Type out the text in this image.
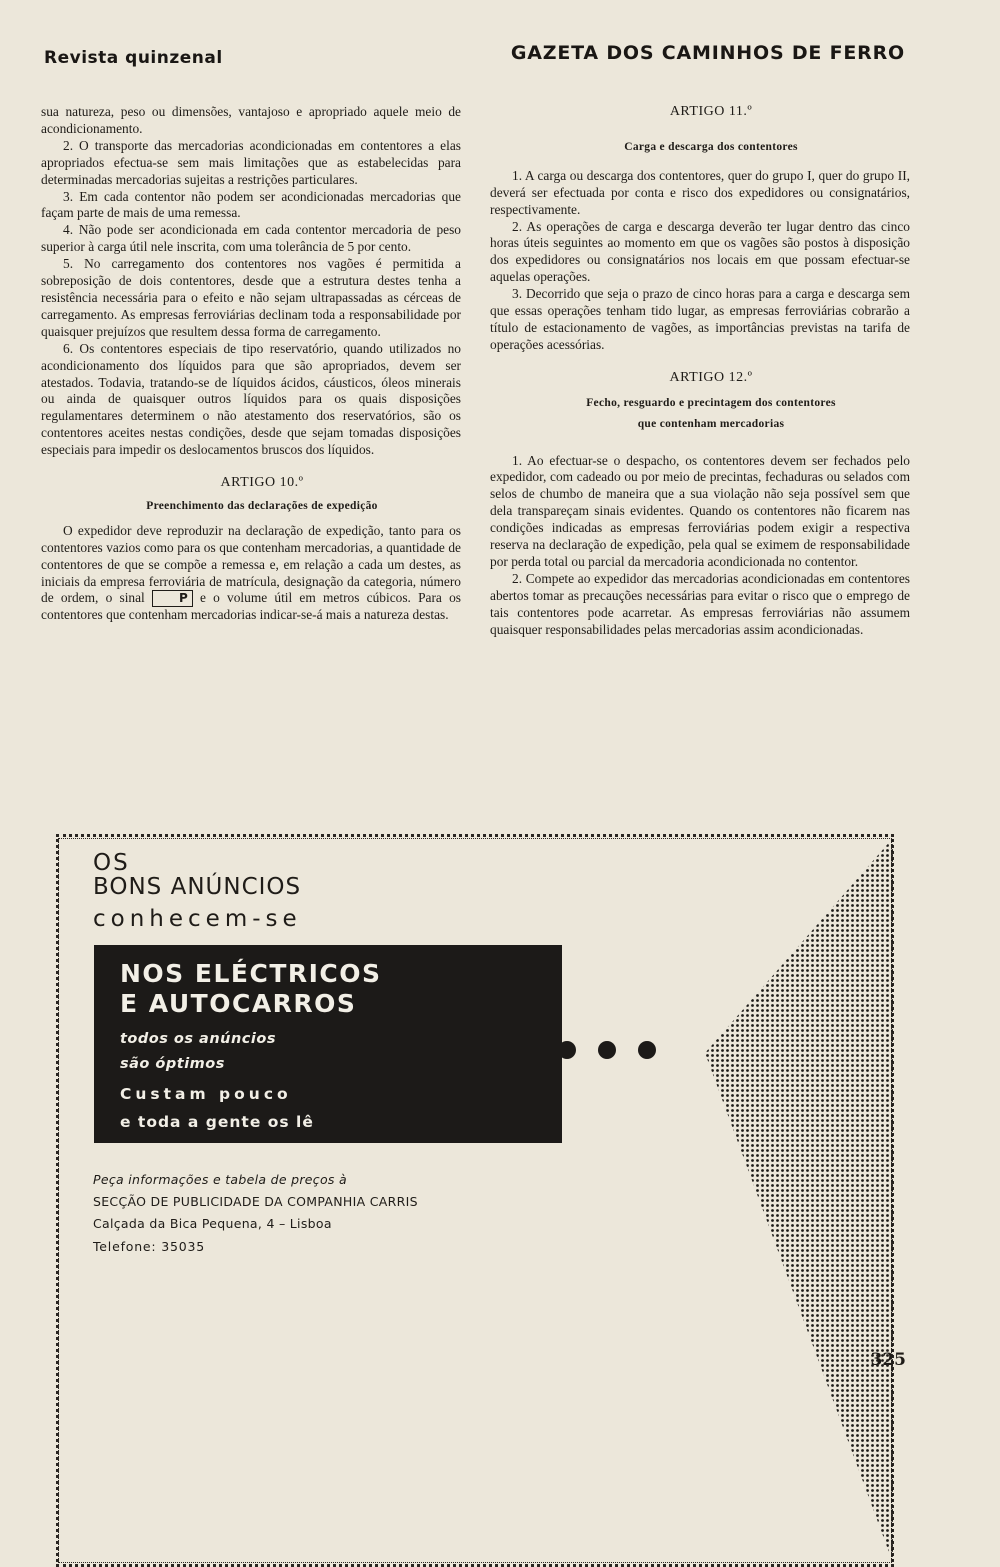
Revista quinzenal	GAZETA DOS CAMINHOS DE FERRO

sua natureza, peso ou dimensões, vantajoso e apropriado aquele meio de acondicionamento.

2. O transporte das mercadorias acondicionadas em contentores a elas apropriados efectua-se sem mais limitações que as estabelecidas para determinadas mercadorias sujeitas a restrições particulares.

3. Em cada contentor não podem ser acondicionadas mercadorias que façam parte de mais de uma remessa.

4. Não pode ser acondicionada em cada contentor mercadoria de peso superior à carga útil nele inscrita, com uma tolerância de 5 por cento.

5. No carregamento dos contentores nos vagões é permitida a sobreposição de dois contentores, desde que a estrutura destes tenha a resistência necessária para o efeito e não sejam ultrapassadas as cérceas de carregamento. As empresas ferroviárias declinam toda a responsabilidade por quaisquer prejuízos que resultem dessa forma de carregamento.

6. Os contentores especiais de tipo reservatório, quando utilizados no acondicionamento dos líquidos para que são apropriados, devem ser atestados. Todavia, tratando-se de líquidos ácidos, cáusticos, óleos minerais ou ainda de quaisquer outros líquidos para os quais disposições regulamentares determinem o não atestamento dos reservatórios, são os contentores aceites nestas condições, desde que sejam tomadas disposições especiais para impedir os deslocamentos bruscos dos líquidos.

ARTIGO 10.º

Preenchimento das declarações de expedição

O expedidor deve reproduzir na declaração de expedição, tanto para os contentores vazios como para os que contenham mercadorias, a quantidade de contentores de que se compõe a remessa e, em relação a cada um destes, as iniciais da empresa ferroviária de matrícula, designação da categoria, número de ordem, o sinal	P e o volume útil em metros cúbicos. Para os contentores que contenham mercadorias indicar-se-á mais a natureza destas.

ARTIGO 11.º

Carga e descarga dos contentores

1. A carga ou descarga dos contentores, quer do grupo I, quer do grupo II, deverá ser efectuada por conta e risco dos expedidores ou consignatários, respectivamente.

2. As operações de carga e descarga deverão ter lugar dentro das cinco horas úteis seguintes ao momento em que os vagões são postos à disposição dos expedidores ou consignatários nos locais em que possam efectuar-se aquelas operações.

3. Decorrido que seja o prazo de cinco horas para a carga e descarga sem que essas operações tenham tido lugar, as empresas ferroviárias cobrarão a título de estacionamento de vagões, as importâncias previstas na tarifa de operações acessórias.

ARTIGO 12.º

Fecho, resguardo e precintagem dos contentores

que contenham mercadorias

1. Ao efectuar-se o despacho, os contentores devem ser fechados pelo expedidor, com cadeado ou por meio de precintas, fechaduras ou selados com selos de chumbo de maneira que a sua violação não seja possível sem que dela transpareçam sinais evidentes. Quando os contentores não ficarem nas condições indicadas as empresas ferroviárias podem exigir a respectiva reserva na declaração de expedição, pela qual se eximem de responsabilidade por perda total ou parcial da mercadoria acondicionada no contentor.

2. Compete ao expedidor das mercadorias acondicionadas em contentores abertos tomar as precauções necessárias para evitar o risco que o emprego de tais contentores pode acarretar. As empresas ferroviárias não assumem quaisquer responsabilidades pelas mercadorias assim acondicionadas.

OS
BONS ANÚNCIOS
conhecem-se
NOS ELÉCTRICOS
E AUTOCARROS
todos os anúncios
são óptimos
Custam pouco
e toda a gente os lê
Peça informações e tabela de preços à
SECÇÃO DE PUBLICIDADE DA COMPANHIA CARRIS
Calçada da Bica Pequena, 4 – Lisboa
Telefone: 35035
325
